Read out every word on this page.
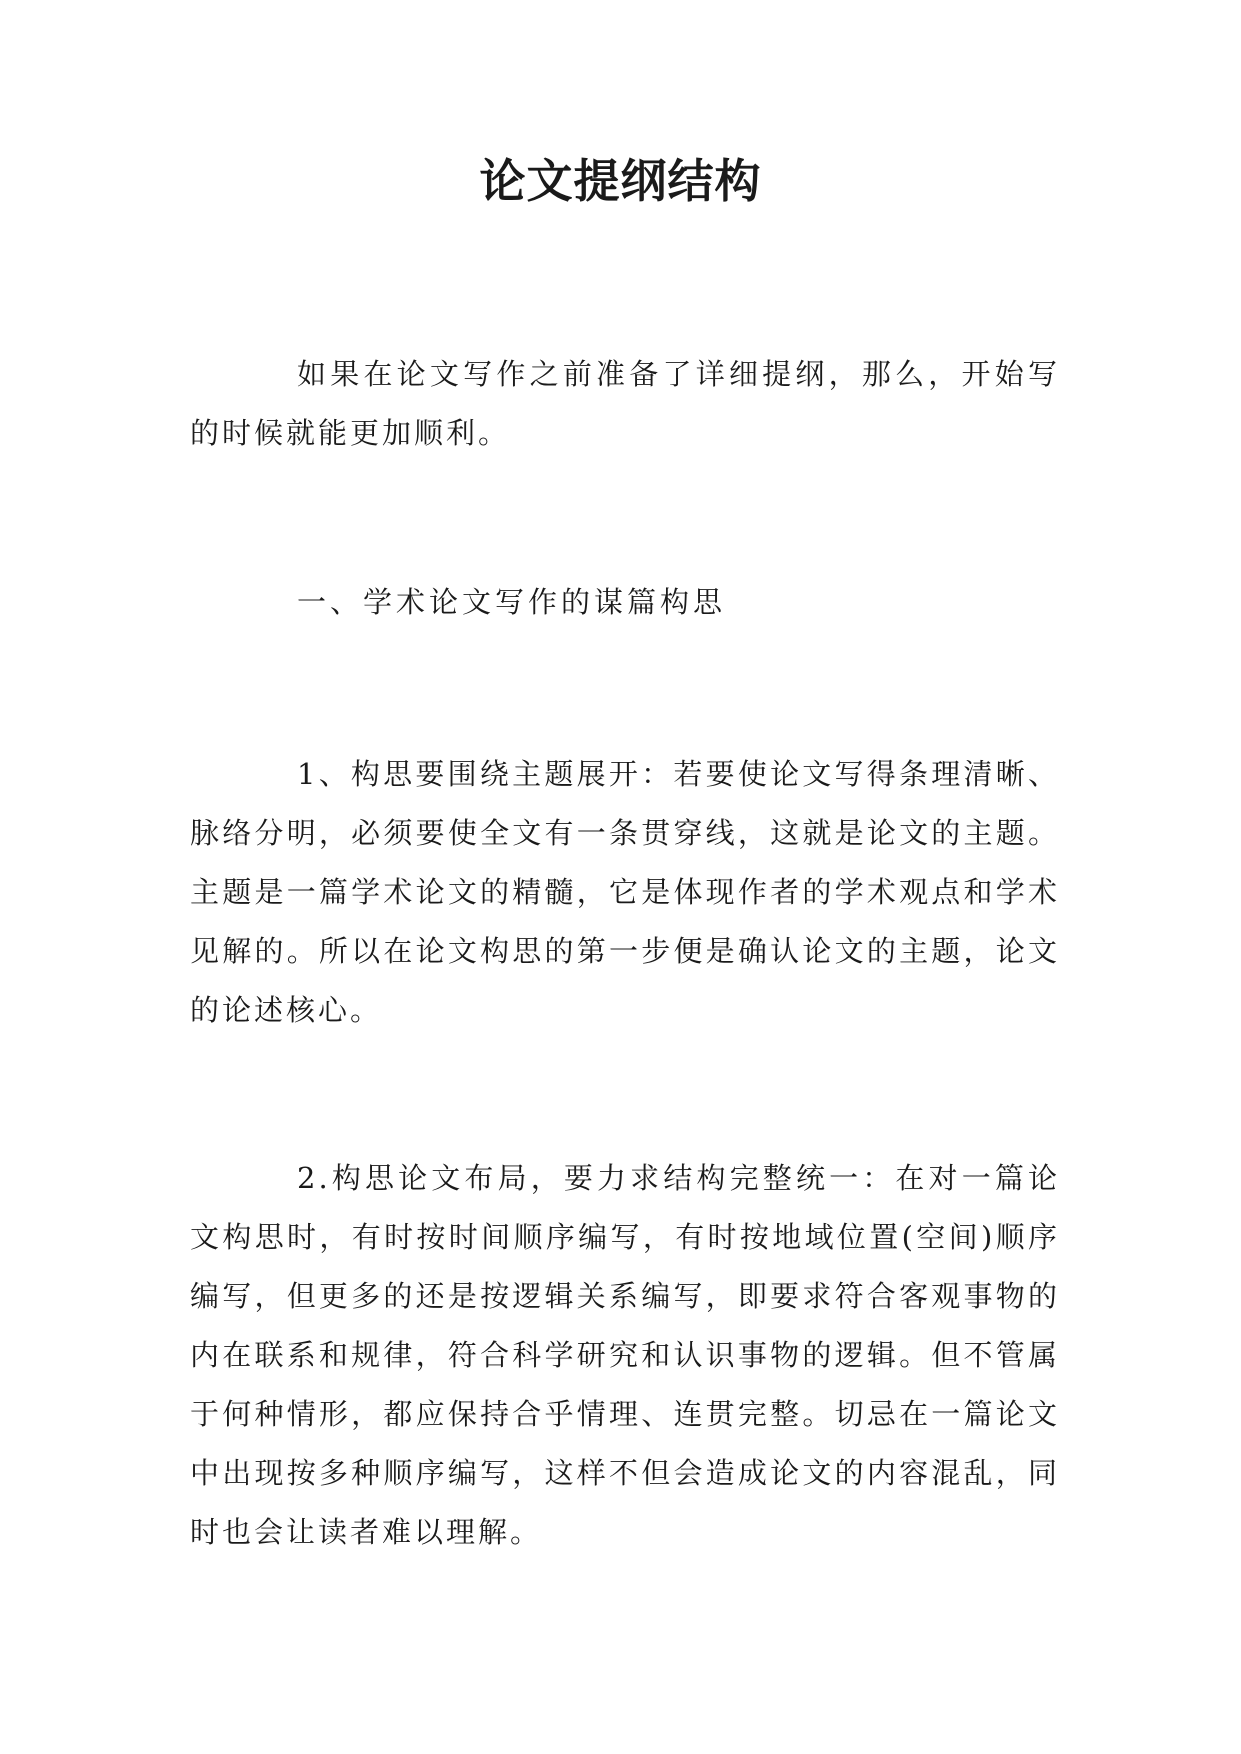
论文提纲结构

如果在论文写作之前准备了详细提纲，那么，开始写的时候就能更加顺利。

一、学术论文写作的谋篇构思

1、构思要围绕主题展开：若要使论文写得条理清晰、脉络分明，必须要使全文有一条贯穿线，这就是论文的主题。主题是一篇学术论文的精髓，它是体现作者的学术观点和学术见解的。所以在论文构思的第一步便是确认论文的主题，论文的论述核心。

2.构思论文布局，要力求结构完整统一：在对一篇论文构思时，有时按时间顺序编写，有时按地域位置(空间)顺序编写，但更多的还是按逻辑关系编写，即要求符合客观事物的内在联系和规律，符合科学研究和认识事物的逻辑。但不管属于何种情形，都应保持合乎情理、连贯完整。切忌在一篇论文中出现按多种顺序编写，这样不但会造成论文的内容混乱，同时也会让读者难以理解。
